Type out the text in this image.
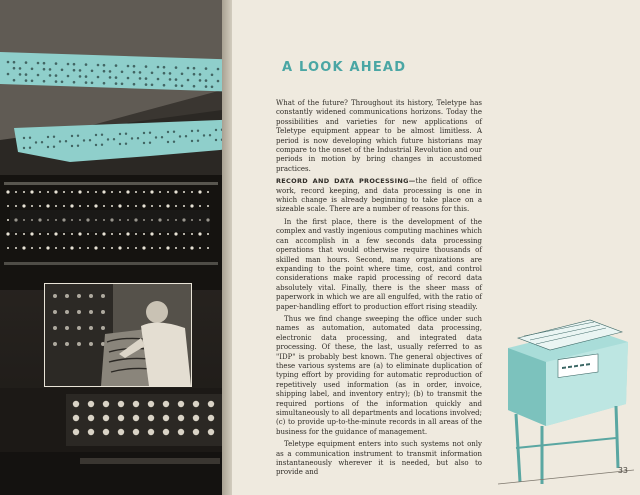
A LOOK AHEAD

What of the future? Throughout its history, Teletype has constantly widened communications horizons. Today the possibilities and varieties for new applications of Teletype equipment appear to be almost limitless. A period is now developing which future historians may compare to the onset of the Industrial Revolution and our periods in motion by bring changes in accustomed practices.

RECORD AND DATA PROCESSING—the field of office work, record keeping, and data processing is one in which change is already beginning to take place on a sizeable scale. There are a number of reasons for this.

In the first place, there is the development of the complex and vastly ingenious computing machines which can accomplish in a few seconds data processing operations that would otherwise require thousands of skilled man hours. Second, many organizations are expanding to the point where time, cost, and control considerations make rapid processing of record data absolutely vital. Finally, there is the sheer mass of paperwork in which we are all engulfed, with the ratio of paper-handling effort to production effort rising steadily.

Thus we find change sweeping the office under such names as automation, automated data processing, electronic data processing, and integrated data processing. Of these, the last, usually referred to as "IDP" is probably best known. The general objectives of these various systems are (a) to eliminate duplication of typing effort by providing for automatic reproduction of repetitively used information (as in order, invoice, shipping label, and inventory entry); (b) to transmit the required portions of the information quickly and simultaneously to all departments and locations involved; (c) to provide up-to-the-minute records in all areas of the business for the guidance of management.

Teletype equipment enters into such systems not only as a communication instrument to transmit information instantaneously wherever it is needed, but also to provide and	33
